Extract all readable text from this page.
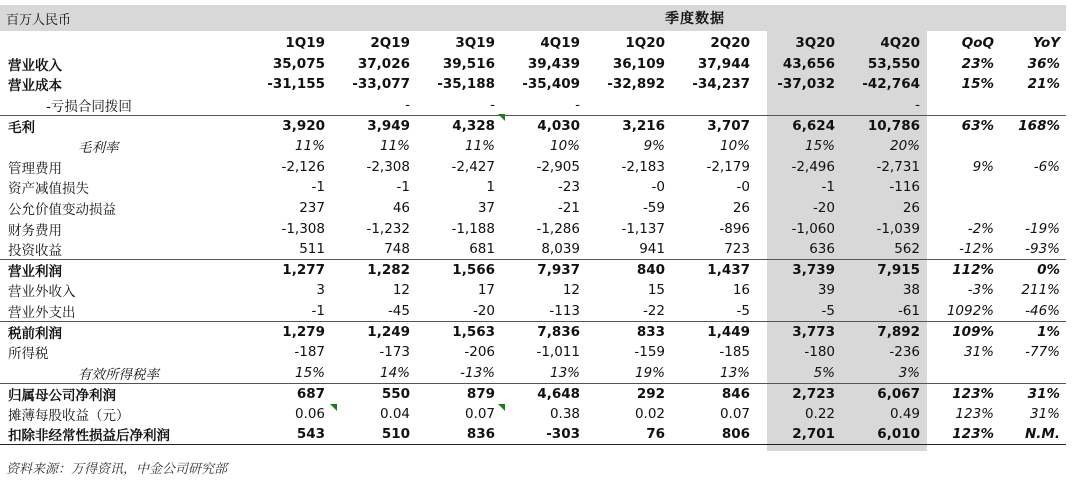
百万人民币	季度数据
	1Q19	2Q19	3Q19	4Q19	1Q20	2Q20	3Q20	4Q20	QoQ	YoY
营业收入	35,075	37,026	39,516	39,439	36,109	37,944	43,656	53,550	23%	36%
营业成本	-31,155	-33,077	-35,188	-35,409	-32,892	-34,237	-37,032	-42,764	15%	21%
-亏损合同拨回		-	-	-				-		
毛利	3,920	3,949	4,328	4,030	3,216	3,707	6,624	10,786	63%	168%
毛利率	11%	11%	11%	10%	9%	10%	15%	20%		
管理费用	-2,126	-2,308	-2,427	-2,905	-2,183	-2,179	-2,496	-2,731	9%	-6%
资产减值损失	-1	-1	1	-23	-0	-0	-1	-116		
公允价值变动损益	237	46	37	-21	-59	26	-20	26		
财务费用	-1,308	-1,232	-1,188	-1,286	-1,137	-896	-1,060	-1,039	-2%	-19%
投资收益	511	748	681	8,039	941	723	636	562	-12%	-93%
营业利润	1,277	1,282	1,566	7,937	840	1,437	3,739	7,915	112%	0%
营业外收入	3	12	17	12	15	16	39	38	-3%	211%
营业外支出	-1	-45	-20	-113	-22	-5	-5	-61	1092%	-46%
税前利润	1,279	1,249	1,563	7,836	833	1,449	3,773	7,892	109%	1%
所得税	-187	-173	-206	-1,011	-159	-185	-180	-236	31%	-77%
有效所得税率	15%	14%	-13%	13%	19%	13%	5%	3%		
归属母公司净利润	687	550	879	4,648	292	846	2,723	6,067	123%	31%
摊薄每股收益（元）	0.06	0.04	0.07	0.38	0.02	0.07	0.22	0.49	123%	31%
扣除非经常性损益后净利润	543	510	836	-303	76	806	2,701	6,010	123%	N.M.
资料来源：万得资讯，中金公司研究部
